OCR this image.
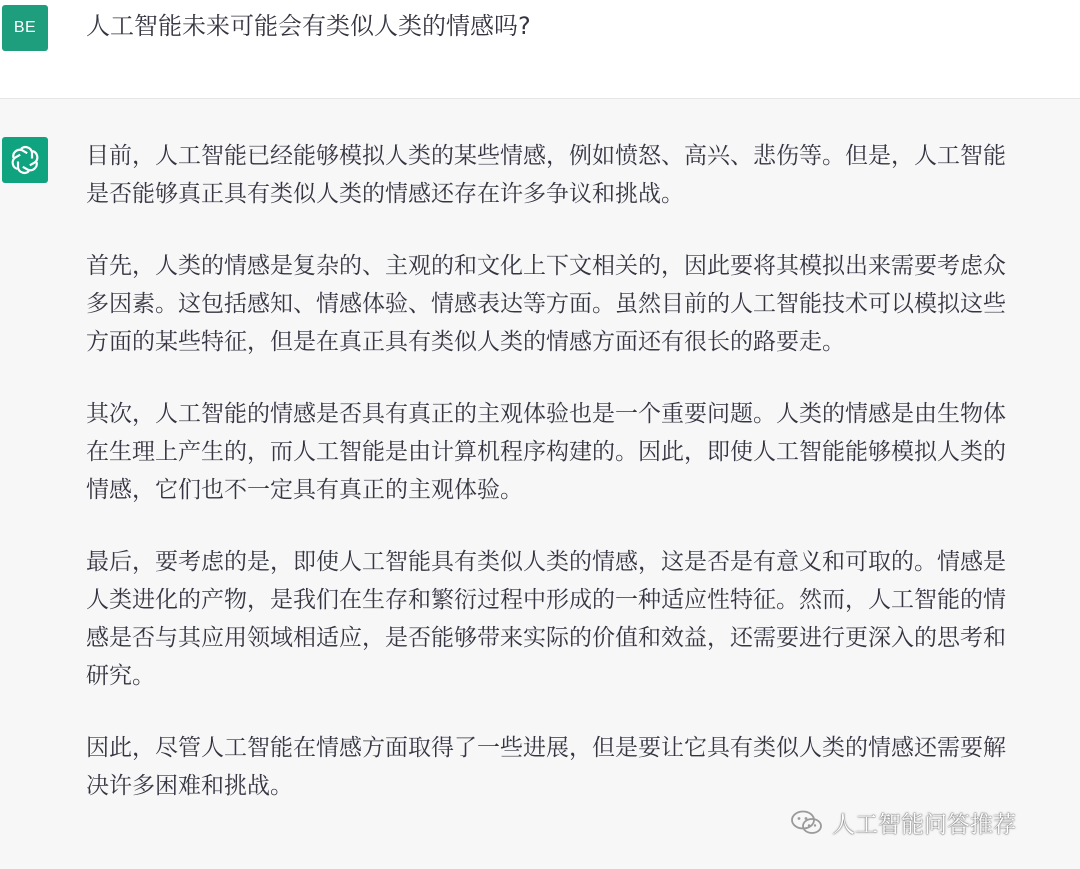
BE 人工智能未来可能会有类似人类的情感吗?

目前，人工智能已经能够模拟人类的某些情感，例如愤怒、高兴、悲伤等。但是，人工智能
是否能够真正具有类似人类的情感还存在许多争议和挑战。

首先，人类的情感是复杂的、主观的和文化上下文相关的，因此要将其模拟出来需要考虑众
多因素。这包括感知、情感体验、情感表达等方面。虽然目前的人工智能技术可以模拟这些
方面的某些特征，但是在真正具有类似人类的情感方面还有很长的路要走。

其次，人工智能的情感是否具有真正的主观体验也是一个重要问题。人类的情感是由生物体
在生理上产生的，而人工智能是由计算机程序构建的。因此，即使人工智能能够模拟人类的
情感，它们也不一定具有真正的主观体验。

最后，要考虑的是，即使人工智能具有类似人类的情感，这是否是有意义和可取的。情感是
人类进化的产物，是我们在生存和繁衍过程中形成的一种适应性特征。然而，人工智能的情
感是否与其应用领域相适应，是否能够带来实际的价值和效益，还需要进行更深入的思考和
研究。

因此，尽管人工智能在情感方面取得了一些进展，但是要让它具有类似人类的情感还需要解
决许多困难和挑战。

人工智能问答推荐
